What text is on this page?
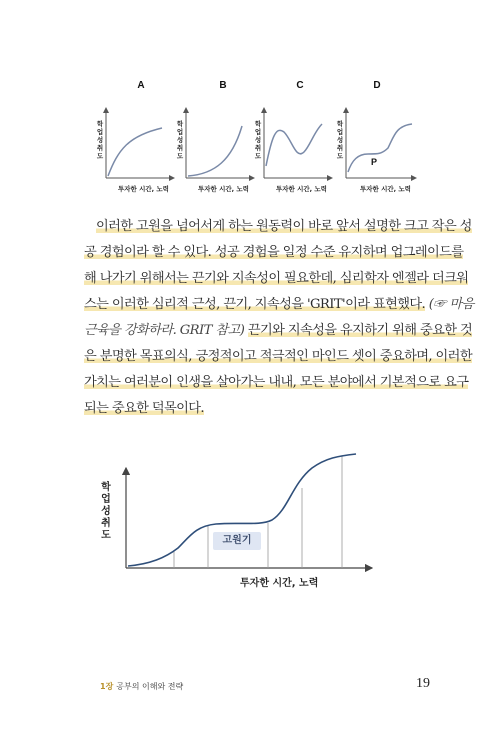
A	B	C	D
학업성취도
학업성취도
학업성취도
학업성취도
투자한 시간, 노력	투자한 시간, 노력	투자한 시간, 노력	투자한 시간, 노력
P
이러한 고원을 넘어서게 하는 원동력이 바로 앞서 설명한 크고 작은 성
공 경험이라 할 수 있다. 성공 경험을 일정 수준 유지하며 업그레이드를
해 나가기 위해서는 끈기와 지속성이 필요한데, 심리학자 엔젤라 더크워
스는 이러한 심리적 근성, 끈기, 지속성을 'GRIT'이라 표현했다. (☞ 마음
근육을 강화하라. GRIT 참고) 끈기와 지속성을 유지하기 위해 중요한 것
은 분명한 목표의식, 긍정적이고 적극적인 마인드 셋이 중요하며, 이러한
가치는 여러분이 인생을 살아가는 내내, 모든 분야에서 기본적으로 요구
되는 중요한 덕목이다.
학업성취도
투자한 시간, 노력
고원기
1장 공부의 이해와 전략	19
